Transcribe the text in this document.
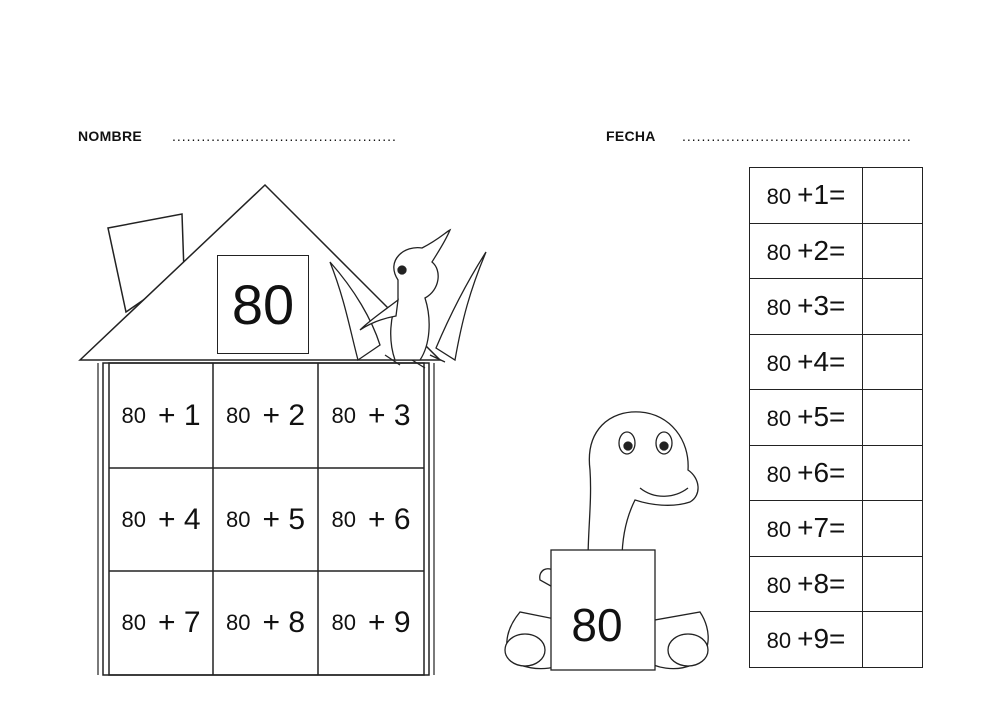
NOMBRE ..............................................	FECHA ...............................................
80
80 + 1 80 + 2 80 + 3
80 + 4 80 + 5 80 + 6
80 + 7 80 + 8 80 + 9	80
80 +1=	
80 +2=	
80 +3=	
80 +4=	
80 +5=	
80 +6=	
80 +7=	
80 +8=	
80 +9=	
